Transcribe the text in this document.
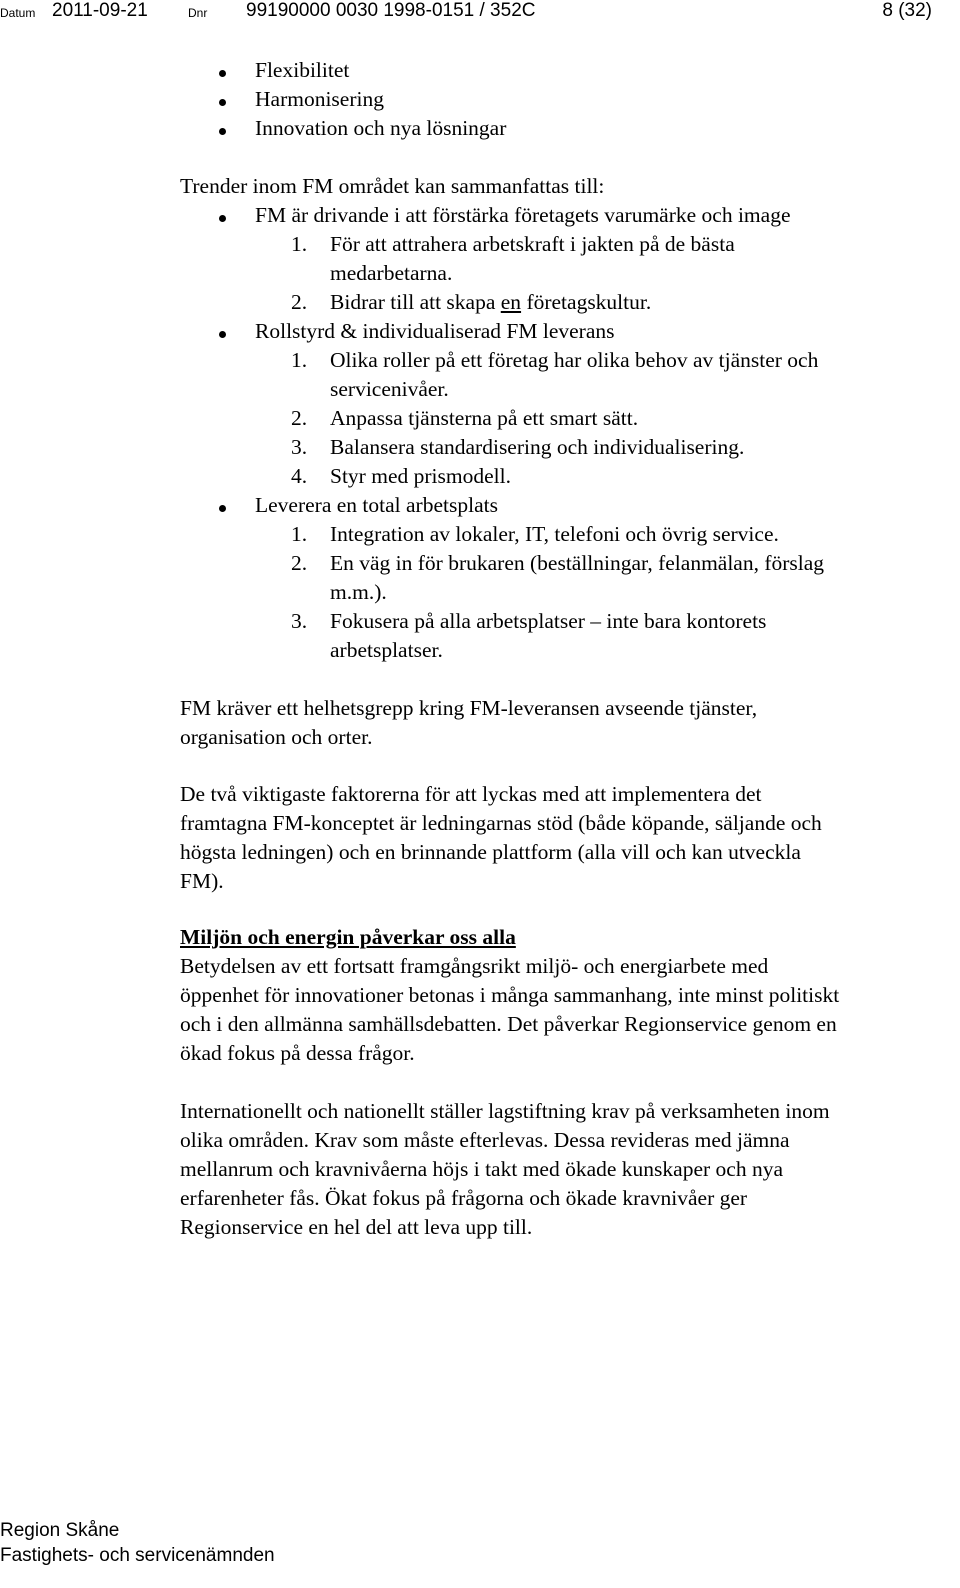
Datum 2011-09-21	Dnr 99190000 0030 1998-0151 / 352C	8 (32)
Flexibilitet
Harmonisering
Innovation och nya lösningar
Trender inom FM området kan sammanfattas till:
FM är drivande i att förstärka företagets varumärke och image
1. För att attrahera arbetskraft i jakten på de bästa
medarbetarna.
2. Bidrar till att skapa en företagskultur.
Rollstyrd & individualiserad FM leverans
1. Olika roller på ett företag har olika behov av tjänster och
servicenivåer.
2. Anpassa tjänsterna på ett smart sätt.
3. Balansera standardisering och individualisering.
4. Styr med prismodell.
Leverera en total arbetsplats
1. Integration av lokaler, IT, telefoni och övrig service.
2. En väg in för brukaren (beställningar, felanmälan, förslag
m.m.).
3. Fokusera på alla arbetsplatser – inte bara kontorets
arbetsplatser.
FM kräver ett helhetsgrepp kring FM-leveransen avseende tjänster,
organisation och orter.
De två viktigaste faktorerna för att lyckas med att implementera det
framtagna FM-konceptet är ledningarnas stöd (både köpande, säljande och
högsta ledningen) och en brinnande plattform (alla vill och kan utveckla
FM).
Miljön och energin påverkar oss alla
Betydelsen av ett fortsatt framgångsrikt miljö- och energiarbete med
öppenhet för innovationer betonas i många sammanhang, inte minst politiskt
och i den allmänna samhällsdebatten. Det påverkar Regionservice genom en
ökad fokus på dessa frågor.
Internationellt och nationellt ställer lagstiftning krav på verksamheten inom
olika områden. Krav som måste efterlevas. Dessa revideras med jämna
mellanrum och kravnivåerna höjs i takt med ökade kunskaper och nya
erfarenheter fås. Ökat fokus på frågorna och ökade kravnivåer ger
Regionservice en hel del att leva upp till.
Region Skåne
Fastighets- och servicenämnden
